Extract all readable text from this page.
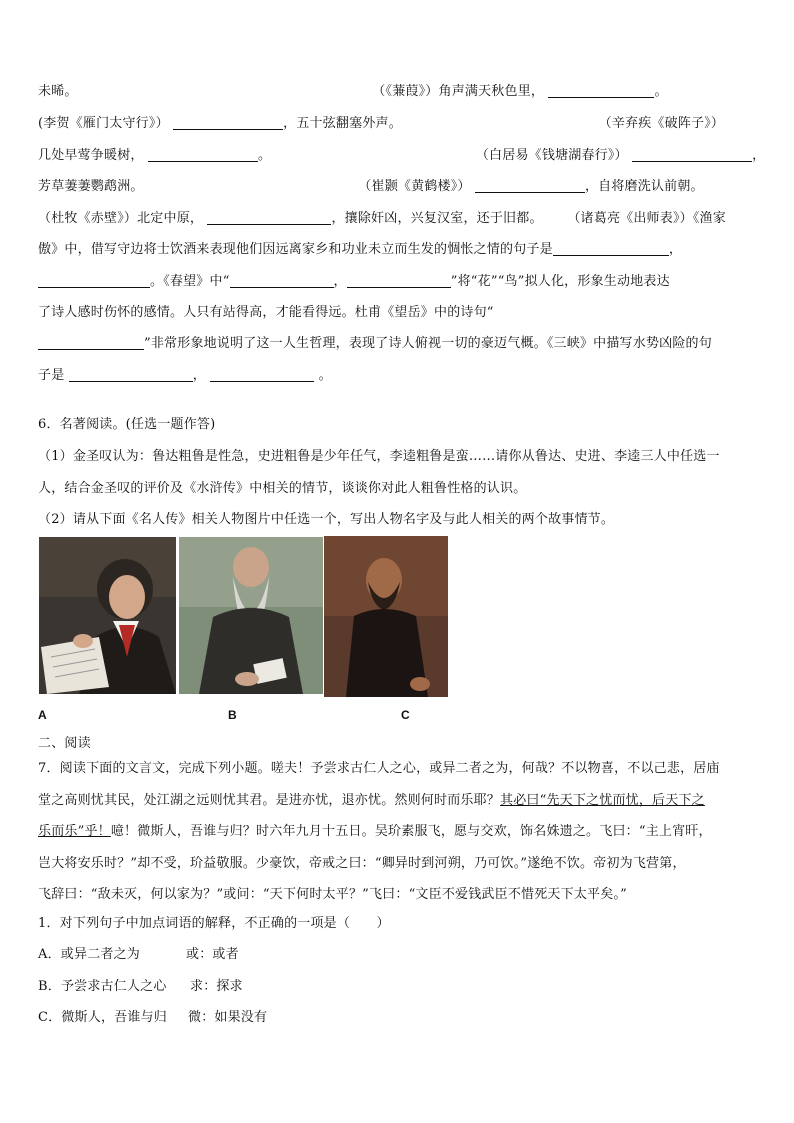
未晞。	（《蒹葭》）角声满天秋色里，	。
(李贺《雁门太守行》）	，五十弦翻塞外声。	（辛弃疾《破阵子》）
几处早莺争暖树，	。	（白居易《钱塘湖春行》）	，
芳草萋萋鹦鹉洲。	（崔颢《黄鹤楼》）	，自将磨洗认前朝。
（杜牧《赤壁》）北定中原，	，攘除奸凶，兴复汉室，还于旧都。 （诸葛亮《出师表》）《渔家
傲》中，借写守边将士饮酒来表现他们因远离家乡和功业未立而生发的惆怅之情的句子是	，
。《春望》中“	，	”将“花”“鸟”拟人化，形象生动地表达
了诗人感时伤怀的感情。人只有站得高，才能看得远。杜甫《望岳》中的诗句“
”非常形象地说明了这一人生哲理，表现了诗人俯视一切的豪迈气概。《三峡》中描写水势凶险的句
子是	，	。
6．名著阅读。(任选一题作答)
（1）金圣叹认为：鲁达粗鲁是性急，史进粗鲁是少年任气，李逵粗鲁是蛮……请你从鲁达、史进、李逵三人中任选一
人，结合金圣叹的评价及《水浒传》中相关的情节，谈谈你对此人粗鲁性格的认识。
（2）请从下面《名人传》相关人物图片中任选一个，写出人物名字及与此人相关的两个故事情节。
A	B	C
二、阅读
7．阅读下面的文言文，完成下列小题。嗟夫！予尝求古仁人之心，或异二者之为，何哉？不以物喜，不以己悲，居庙
堂之高则忧其民，处江湖之远则忧其君。是进亦忧，退亦忧。然则何时而乐耶？其必曰“先天下之忧而忧，后天下之
乐而乐”乎！噫！微斯人，吾谁与归？时六年九月十五日。吴玠素服飞，愿与交欢，饰名姝遗之。飞曰：“主上宵旰，
岂大将安乐时？”却不受，玠益敬服。少豪饮，帝戒之曰：“卿异时到河朔，乃可饮。”遂绝不饮。帝初为飞营第，
飞辞曰：“敌未灭，何以家为？”或问：“天下何时太平？”飞曰：“文臣不爱钱武臣不惜死天下太平矣。”
1．对下列句子中加点词语的解释，不正确的一项是（　　）
A．或异二者之为	或：或者
B．予尝求古仁人之心 求：探求
C．微斯人，吾谁与归 微：如果没有
